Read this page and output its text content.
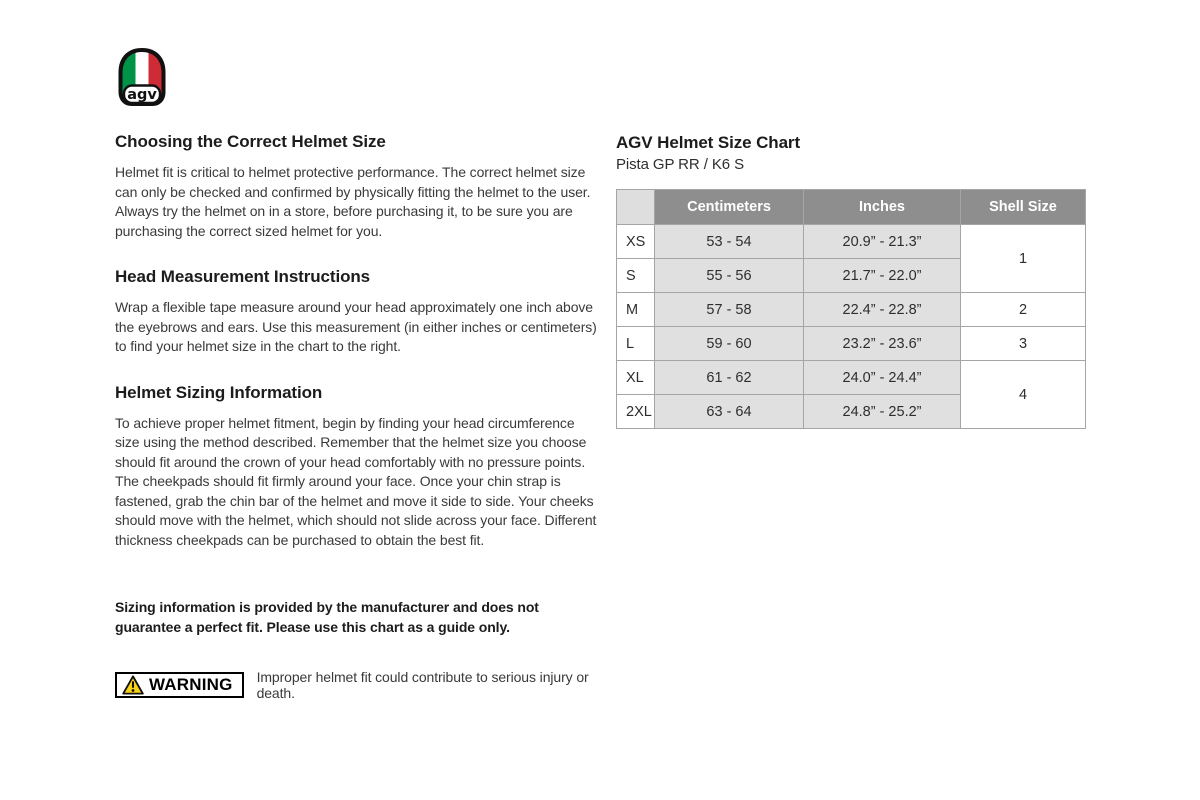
agv
Choosing the Correct Helmet Size

Helmet fit is critical to helmet protective performance. The correct helmet size can only be checked and confirmed by physically fitting the helmet to the user. Always try the helmet on in a store, before purchasing it, to be sure you are purchasing the correct sized helmet for you.

Head Measurement Instructions

Wrap a flexible tape measure around your head approximately one inch above the eyebrows and ears. Use this measurement (in either inches or centimeters) to find your helmet size in the chart to the right.

Helmet Sizing Information

To achieve proper helmet fitment, begin by finding your head circumference size using the method described. Remember that the helmet size you choose should fit around the crown of your head comfortably with no pressure points. The cheekpads should fit firmly around your face. Once your chin strap is fastened, grab the chin bar of the helmet and move it side to side. Your cheeks should move with the helmet, which should not slide across your face. Different thickness cheekpads can be purchased to obtain the best fit.

Sizing information is provided by the manufacturer and does not guarantee a perfect fit. Please use this chart as a guide only.

WARNING Improper helmet fit could contribute to serious injury or death.
AGV Helmet Size Chart

Pista GP RR / K6 S

	Centimeters	Inches	Shell Size
XS	53 - 54	20.9” - 21.3”	1
S	55 - 56	21.7” - 22.0”	
M	57 - 58	22.4” - 22.8”	2
L	59 - 60	23.2” - 23.6”	3
XL	61 - 62	24.0” - 24.4”	4
2XL	63 - 64	24.8” - 25.2”	
